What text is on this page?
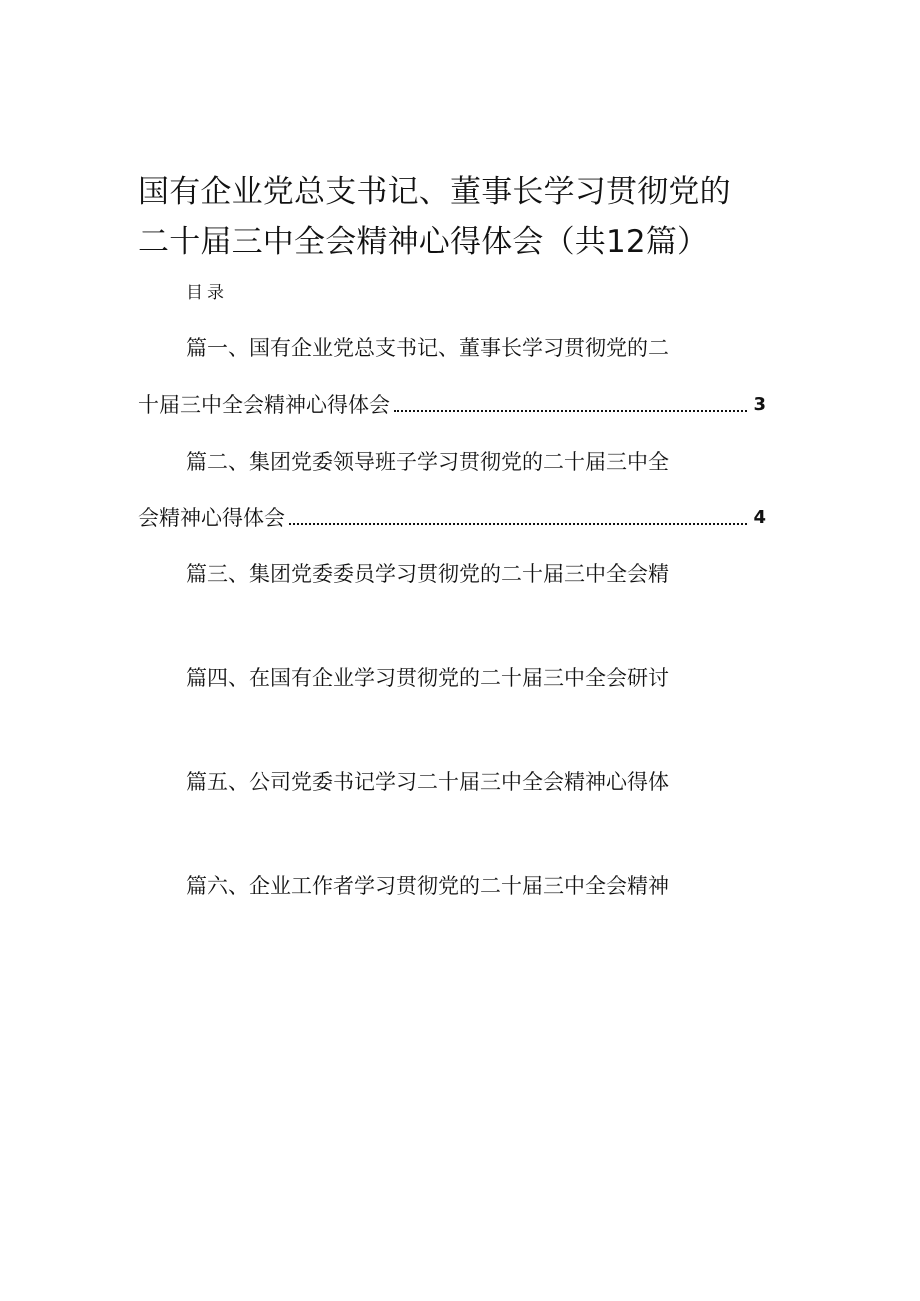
国有企业党总支书记、董事长学习贯彻党的
二十届三中全会精神心得体会（共12篇）
目录
篇一、国有企业党总支书记、董事长学习贯彻党的二
十届三中全会精神心得体会	3
篇二、集团党委领导班子学习贯彻党的二十届三中全
会精神心得体会	4
篇三、集团党委委员学习贯彻党的二十届三中全会精
篇四、在国有企业学习贯彻党的二十届三中全会研讨
篇五、公司党委书记学习二十届三中全会精神心得体
篇六、企业工作者学习贯彻党的二十届三中全会精神
